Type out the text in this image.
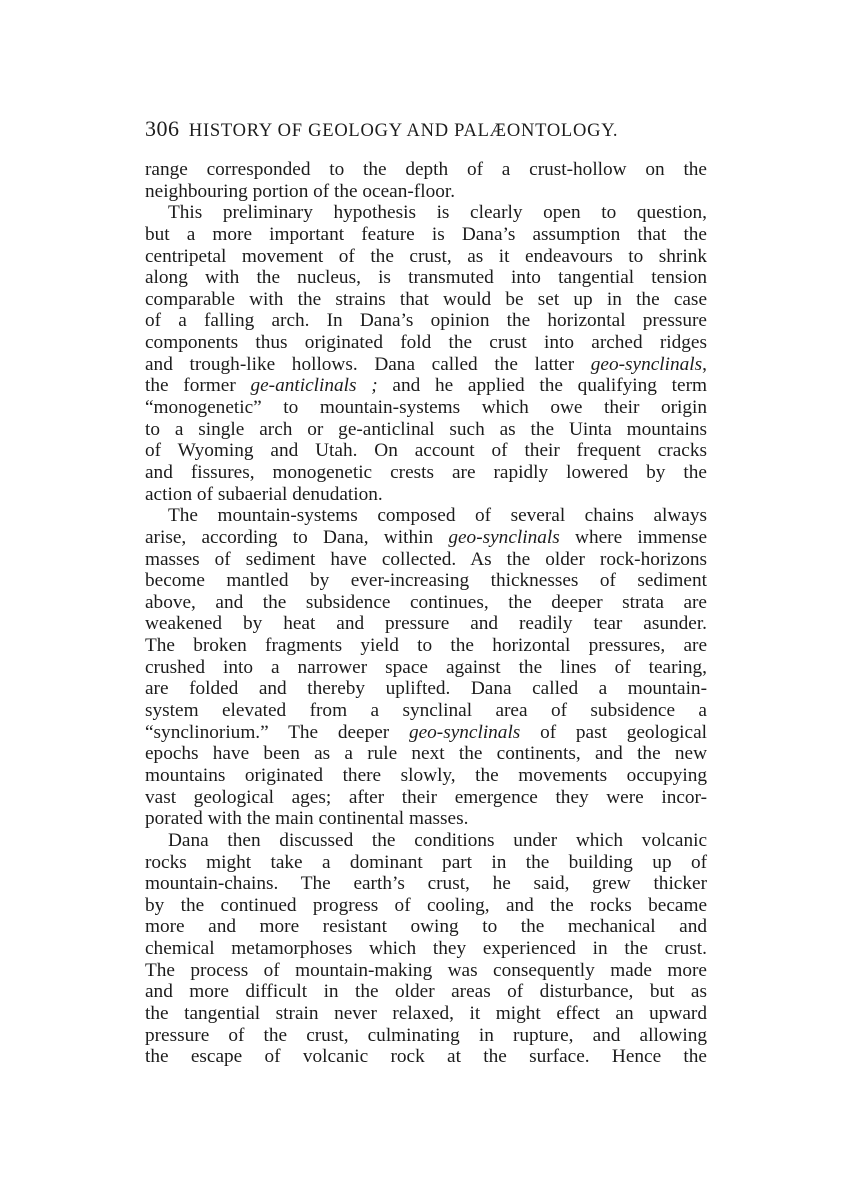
306 HISTORY OF GEOLOGY AND PALÆONTOLOGY.
range corresponded to the depth of a crust-hollow on the
neighbouring portion of the ocean-floor.
This preliminary hypothesis is clearly open to question,
but a more important feature is Dana’s assumption that the
centripetal movement of the crust, as it endeavours to shrink
along with the nucleus, is transmuted into tangential tension
comparable with the strains that would be set up in the case
of a falling arch. In Dana’s opinion the horizontal pressure
components thus originated fold the crust into arched ridges
and trough-like hollows. Dana called the latter geo-synclinals,
the former ge-anticlinals ; and he applied the qualifying term
“monogenetic” to mountain-systems which owe their origin
to a single arch or ge-anticlinal such as the Uinta mountains
of Wyoming and Utah. On account of their frequent cracks
and fissures, monogenetic crests are rapidly lowered by the
action of subaerial denudation.
The mountain-systems composed of several chains always
arise, according to Dana, within geo-synclinals where immense
masses of sediment have collected. As the older rock-horizons
become mantled by ever-increasing thicknesses of sediment
above, and the subsidence continues, the deeper strata are
weakened by heat and pressure and readily tear asunder.
The broken fragments yield to the horizontal pressures, are
crushed into a narrower space against the lines of tearing,
are folded and thereby uplifted. Dana called a mountain-
system elevated from a synclinal area of subsidence a
“synclinorium.” The deeper geo-synclinals of past geological
epochs have been as a rule next the continents, and the new
mountains originated there slowly, the movements occupying
vast geological ages; after their emergence they were incor-
porated with the main continental masses.
Dana then discussed the conditions under which volcanic
rocks might take a dominant part in the building up of
mountain-chains. The earth’s crust, he said, grew thicker
by the continued progress of cooling, and the rocks became
more and more resistant owing to the mechanical and
chemical metamorphoses which they experienced in the crust.
The process of mountain-making was consequently made more
and more difficult in the older areas of disturbance, but as
the tangential strain never relaxed, it might effect an upward
pressure of the crust, culminating in rupture, and allowing
the escape of volcanic rock at the surface. Hence the
